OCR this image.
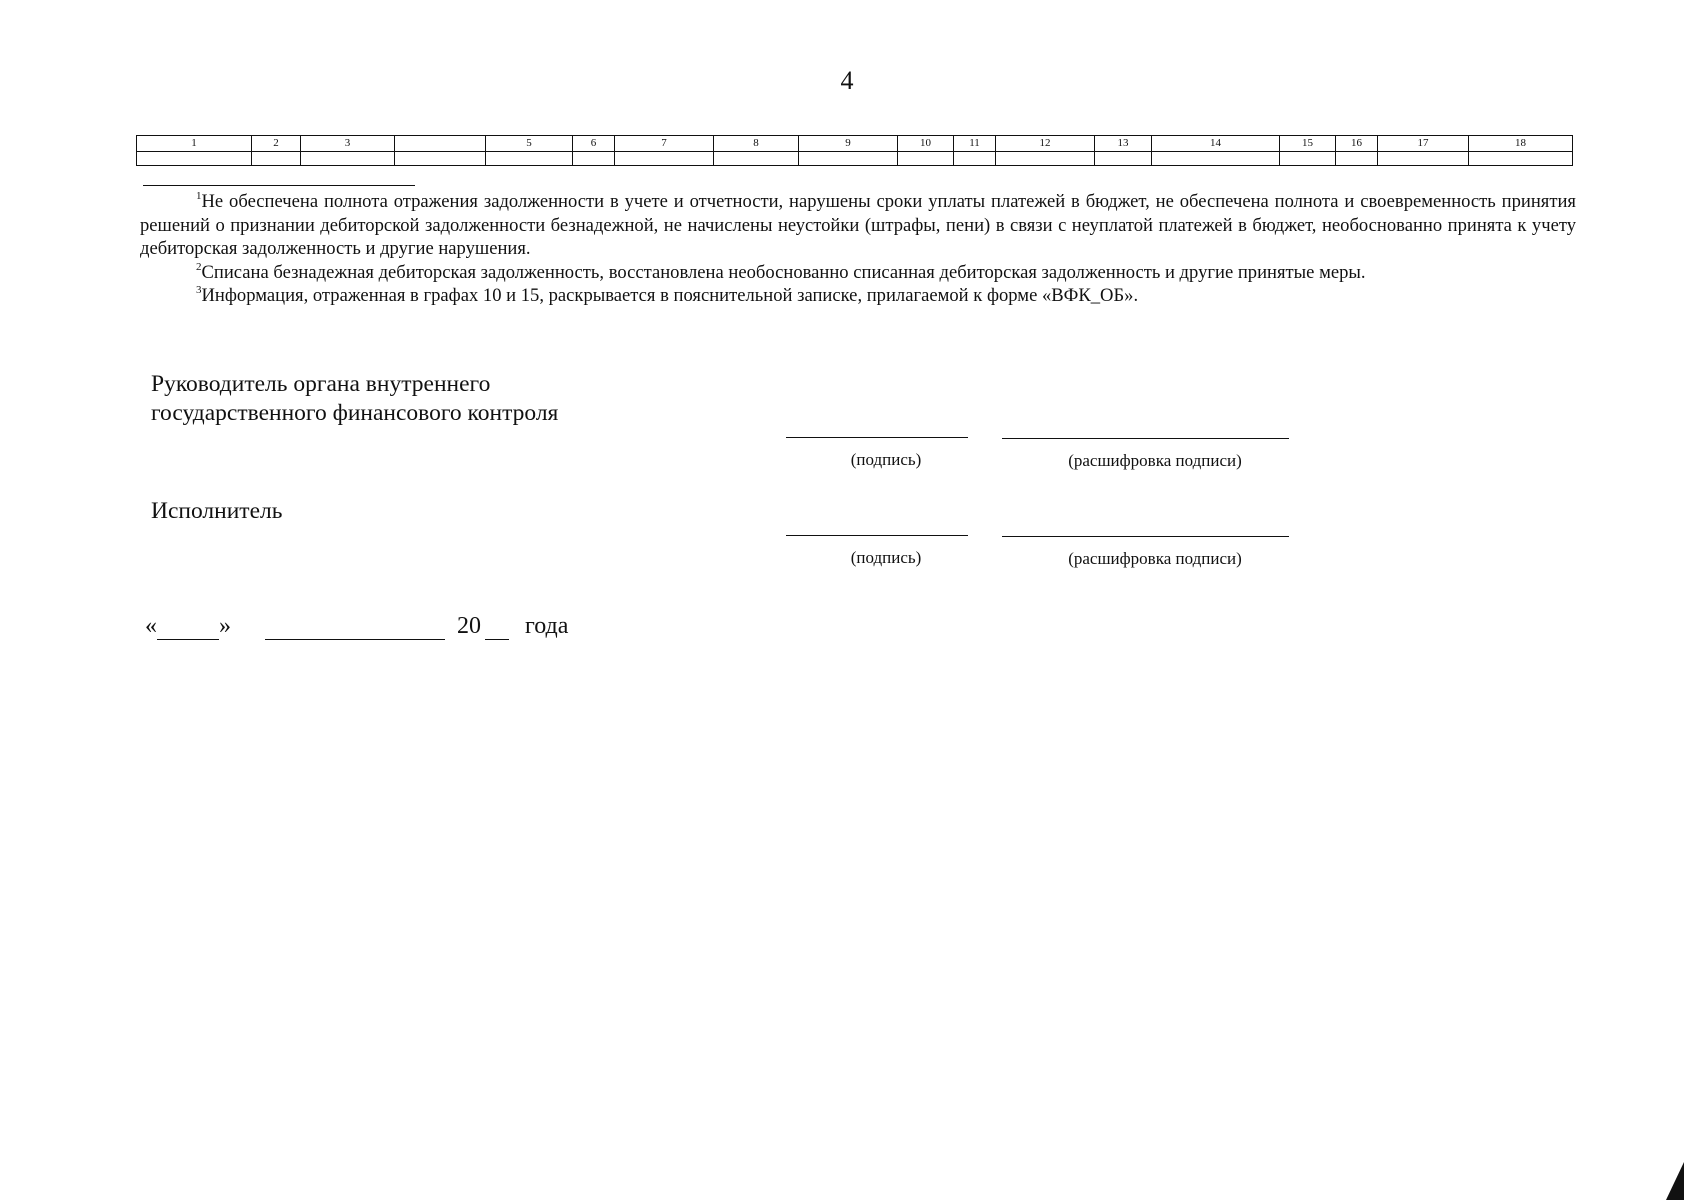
4
1	2	3		5	6	7	8	9	10	11	12	13	14	15	16	17	18

$^1$Не обеспечена полнота отражения задолженности в учете и отчетности, нарушены сроки уплаты платежей в бюджет, не обеспечена полнота и своевременность принятия решений о признании дебиторской задолженности безнадежной, не начислены неустойки (штрафы, пени) в связи с неуплатой платежей в бюджет, необоснованно принята к учету дебиторская задолженность и другие нарушения.

$^2$Списана безнадежная дебиторская задолженность, восстановлена необоснованно списанная дебиторская задолженность и другие принятые меры.

$^3$Информация, отраженная в графах 10 и 15, раскрывается в пояснительной записке, прилагаемой к форме «ВФК_ОБ».

Руководитель органа внутреннего
государственного финансового контроля
(подпись)	(расшифровка подписи)
Исполнитель
(подпись)	(расшифровка подписи)
«	»	20 года
